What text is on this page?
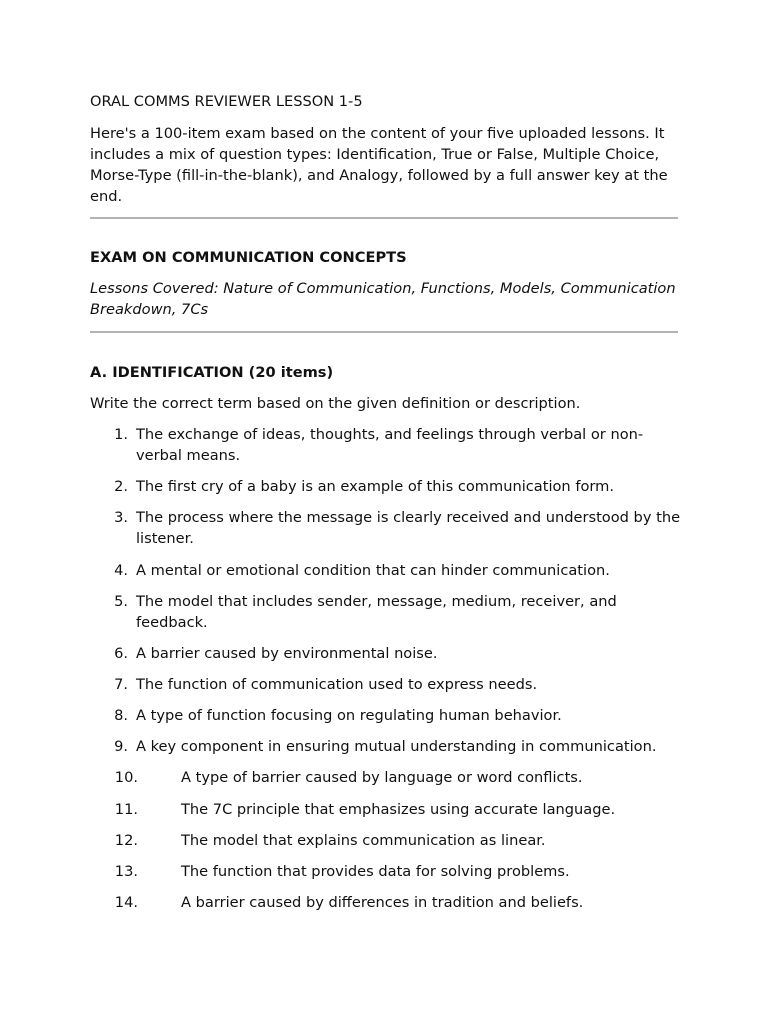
ORAL COMMS REVIEWER LESSON 1-5

Here's a 100-item exam based on the content of your five uploaded lessons. It includes a mix of question types: Identification, True or False, Multiple Choice, Morse-Type (fill-in-the-blank), and Analogy, followed by a full answer key at the end.

EXAM ON COMMUNICATION CONCEPTS

Lessons Covered: Nature of Communication, Functions, Models, Communication Breakdown, 7Cs

A. IDENTIFICATION (20 items)

Write the correct term based on the given definition or description.

1. The exchange of ideas, thoughts, and feelings through verbal or non-verbal means.
2. The first cry of a baby is an example of this communication form.
3. The process where the message is clearly received and understood by the listener.
4. A mental or emotional condition that can hinder communication.
5. The model that includes sender, message, medium, receiver, and feedback.
6. A barrier caused by environmental noise.
7. The function of communication used to express needs.
8. A type of function focusing on regulating human behavior.
9. A key component in ensuring mutual understanding in communication.
10.	A type of barrier caused by language or word conflicts.
11.	The 7C principle that emphasizes using accurate language.
12.	The model that explains communication as linear.
13.	The function that provides data for solving problems.
14.	A barrier caused by differences in tradition and beliefs.
